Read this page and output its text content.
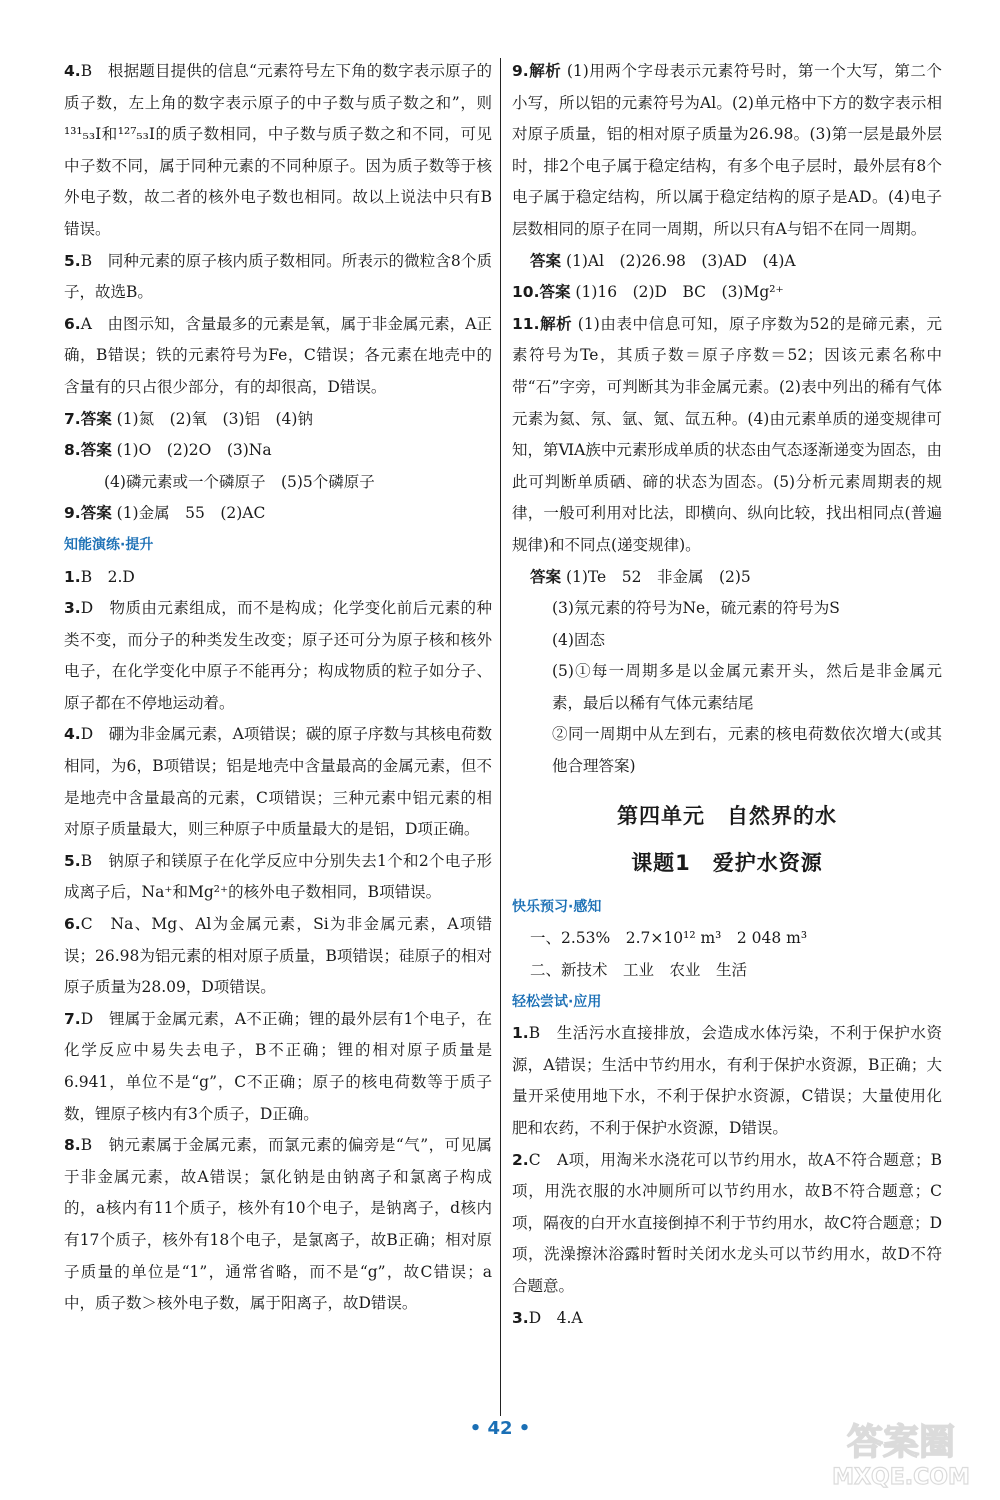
4.B　根据题目提供的信息“元素符号左下角的数字表示原子的质子数，左上角的数字表示原子的中子数与质子数之和”，则¹³¹₅₃I和¹²⁷₅₃I的质子数相同，中子数与质子数之和不同，可见中子数不同，属于同种元素的不同种原子。因为质子数等于核外电子数，故二者的核外电子数也相同。故以上说法中只有B错误。
5.B　同种元素的原子核内质子数相同。所表示的微粒含8个质子，故选B。
6.A　由图示知，含量最多的元素是氧，属于非金属元素，A正确，B错误；铁的元素符号为Fe，C错误；各元素在地壳中的含量有的只占很少部分，有的却很高，D错误。
7.答案 (1)氮　(2)氧　(3)铝　(4)钠
8.答案 (1)O　(2)2O　(3)Na
(4)磷元素或一个磷原子　(5)5个磷原子
9.答案 (1)金属　55　(2)AC
知能演练·提升
1.B　2.D
3.D　物质由元素组成，而不是构成；化学变化前后元素的种类不变，而分子的种类发生改变；原子还可分为原子核和核外电子，在化学变化中原子不能再分；构成物质的粒子如分子、原子都在不停地运动着。
4.D　硼为非金属元素，A项错误；碳的原子序数与其核电荷数相同，为6，B项错误；铝是地壳中含量最高的金属元素，但不是地壳中含量最高的元素，C项错误；三种元素中铝元素的相对原子质量最大，则三种原子中质量最大的是铝，D项正确。
5.B　钠原子和镁原子在化学反应中分别失去1个和2个电子形成离子后，Na⁺和Mg²⁺的核外电子数相同，B项错误。
6.C　Na、Mg、Al为金属元素，Si为非金属元素，A项错误；26.98为铝元素的相对原子质量，B项错误；硅原子的相对原子质量为28.09，D项错误。
7.D　锂属于金属元素，A不正确；锂的最外层有1个电子，在化学反应中易失去电子，B不正确；锂的相对原子质量是6.941，单位不是“g”，C不正确；原子的核电荷数等于质子数，锂原子核内有3个质子，D正确。
8.B　钠元素属于金属元素，而氯元素的偏旁是“气”，可见属于非金属元素，故A错误；氯化钠是由钠离子和氯离子构成的，a核内有11个质子，核外有10个电子，是钠离子，d核内有17个质子，核外有18个电子，是氯离子，故B正确；相对原子质量的单位是“1”，通常省略，而不是“g”，故C错误；a中，质子数＞核外电子数，属于阳离子，故D错误。
9.解析 (1)用两个字母表示元素符号时，第一个大写，第二个小写，所以铝的元素符号为Al。(2)单元格中下方的数字表示相对原子质量，铝的相对原子质量为26.98。(3)第一层是最外层时，排2个电子属于稳定结构，有多个电子层时，最外层有8个电子属于稳定结构，所以属于稳定结构的原子是AD。(4)电子层数相同的原子在同一周期，所以只有A与铝不在同一周期。
答案 (1)Al　(2)26.98　(3)AD　(4)A
10.答案 (1)16　(2)D　BC　(3)Mg²⁺
11.解析 (1)由表中信息可知，原子序数为52的是碲元素，元素符号为Te，其质子数＝原子序数＝52；因该元素名称中带“石”字旁，可判断其为非金属元素。(2)表中列出的稀有气体元素为氦、氖、氩、氪、氙五种。(4)由元素单质的递变规律可知，第ⅥA族中元素形成单质的状态由气态逐渐递变为固态，由此可判断单质硒、碲的状态为固态。(5)分析元素周期表的规律，一般可利用对比法，即横向、纵向比较，找出相同点(普遍规律)和不同点(递变规律)。
答案 (1)Te　52　非金属　(2)5
(3)氖元素的符号为Ne，硫元素的符号为S
(4)固态
(5)①每一周期多是以金属元素开头，然后是非金属元素，最后以稀有气体元素结尾
②同一周期中从左到右，元素的核电荷数依次增大(或其他合理答案)
第四单元　自然界的水
课题1　爱护水资源
快乐预习·感知
一、2.53%　2.7×10¹² m³　2 048 m³
二、新技术　工业　农业　生活
轻松尝试·应用
1.B　生活污水直接排放，会造成水体污染，不利于保护水资源，A错误；生活中节约用水，有利于保护水资源，B正确；大量开采使用地下水，不利于保护水资源，C错误；大量使用化肥和农药，不利于保护水资源，D错误。
2.C　A项，用淘米水浇花可以节约用水，故A不符合题意；B项，用洗衣服的水冲厕所可以节约用水，故B不符合题意；C项，隔夜的白开水直接倒掉不利于节约用水，故C符合题意；D项，洗澡擦沐浴露时暂时关闭水龙头可以节约用水，故D不符合题意。
3.D　4.A
• 42 •	答案圈
MXQE.COM
